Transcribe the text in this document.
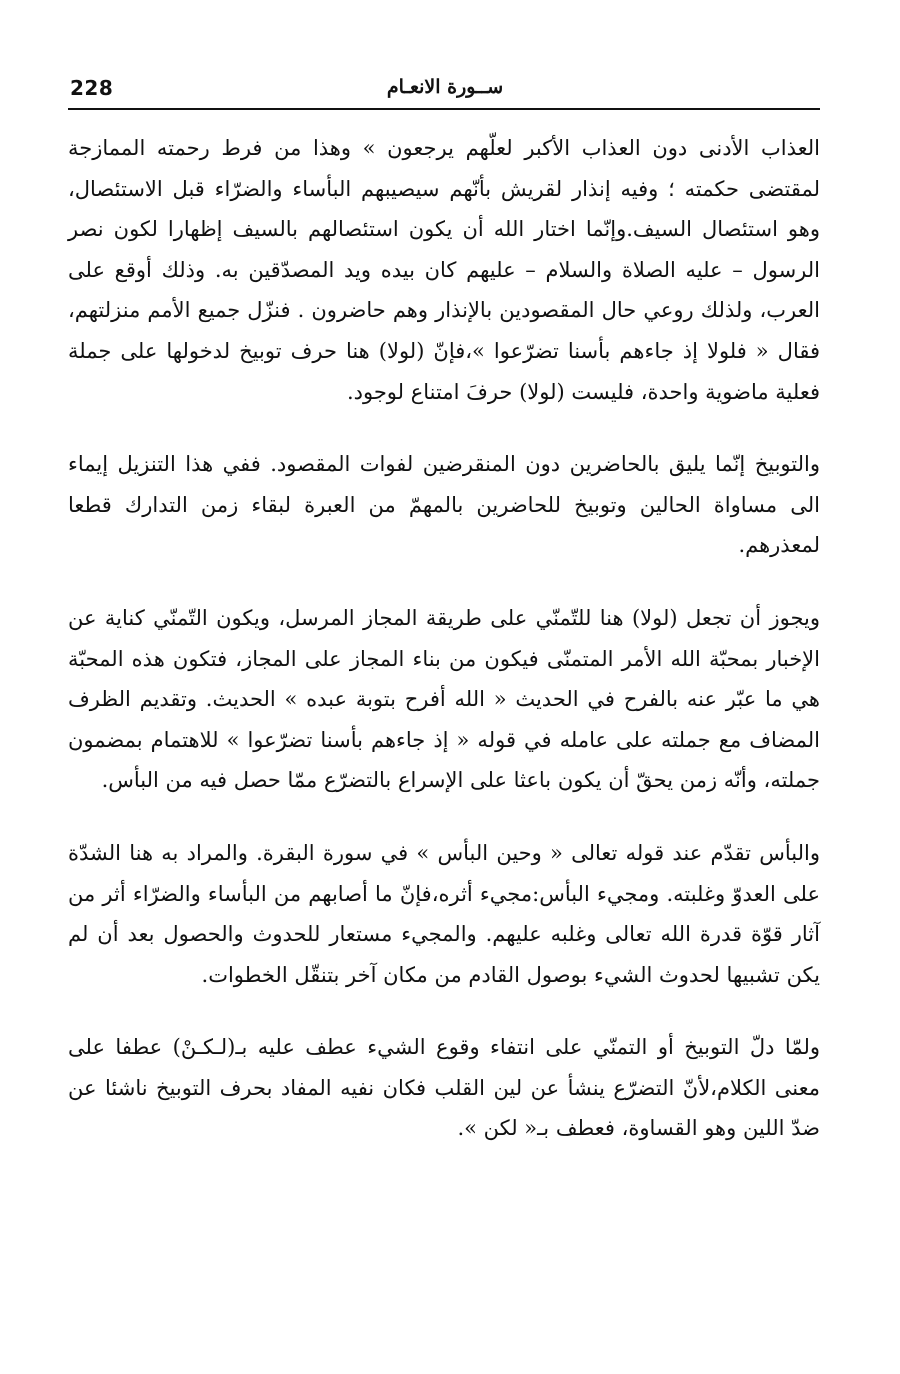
228	ســورة الانعـام

العذاب الأدنى دون العذاب الأكبر لعلّهم يرجعون » وهذا من فرط رحمته الممازجة لمقتضى حكمته ؛ وفيه إنذار لقريش بأنّهم سيصيبهم البأساء والضرّاء قبل الاستئصال، وهو استئصال السيف.وإنّما اختار الله أن يكون استئصالهم بالسيف إظهارا لكون نصر الرسول – عليه الصلاة والسلام – عليهم كان بيده ويد المصدّقين به. وذلك أوقع على العرب، ولذلك روعي حال المقصودين بالإنذار وهم حاضرون . فنزّل جميع الأمم منزلتهم، فقال « فلولا إذ جاءهم بأسنا تضرّعوا »،فإنّ (لولا) هنا حرف توبيخ لدخولها على جملة فعلية ماضوية واحدة، فليست (لولا) حرفَ امتناع لوجود.

والتوبيخ إنّما يليق بالحاضرين دون المنقرضين لفوات المقصود. ففي هذا التنزيل إيماء الى مساواة الحالين وتوبيخ للحاضرين بالمهمّ من العبرة لبقاء زمن التدارك قطعا لمعذرهم.

ويجوز أن تجعل (لولا) هنا للتّمنّي على طريقة المجاز المرسل، ويكون التّمنّي كناية عن الإخبار بمحبّة الله الأمر المتمنّى فيكون من بناء المجاز على المجاز، فتكون هذه المحبّة هي ما عبّر عنه بالفرح في الحديث « الله أفرح بتوبة عبده » الحديث. وتقديم الظرف المضاف مع جملته على عامله في قوله « إذ جاءهم بأسنا تضرّعوا » للاهتمام بمضمون جملته، وأنّه زمن يحقّ أن يكون باعثا على الإسراع بالتضرّع ممّا حصل فيه من البأس.

والبأس تقدّم عند قوله تعالى « وحين البأس » في سورة البقرة. والمراد به هنا الشدّة على العدوّ وغلبته. ومجيء البأس:مجيء أثره،فإنّ ما أصابهم من البأساء والضرّاء أثر من آثار قوّة قدرة الله تعالى وغلبه عليهم. والمجيء مستعار للحدوث والحصول بعد أن لم يكن تشبيها لحدوث الشيء بوصول القادم من مكان آخر بتنقّل الخطوات.

ولمّا دلّ التوبيخ أو التمنّي على انتفاء وقوع الشيء عطف عليه بـ(لـكـنْ) عطفا على معنى الكلام،لأنّ التضرّع ينشأ عن لين القلب فكان نفيه المفاد بحرف التوبيخ ناشئا عن ضدّ اللين وهو القساوة، فعطف بـ« لكن ».
